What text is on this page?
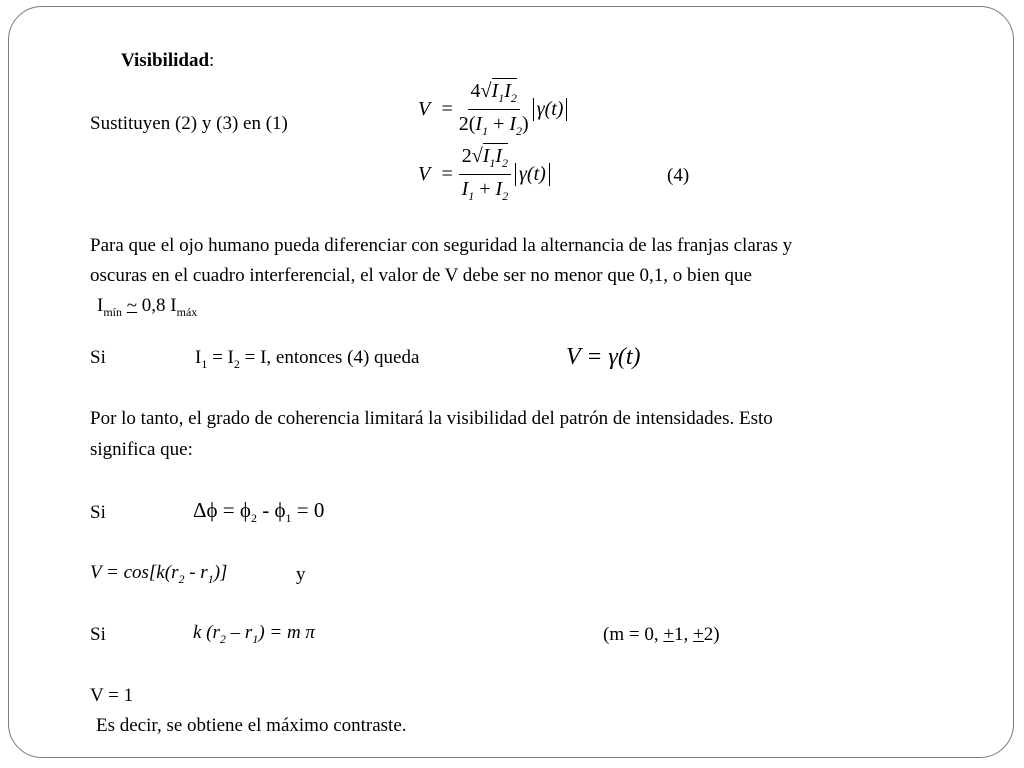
Visibilidad:
Sustituyen (2) y (3) en (1)
$V = \frac{4√I_1I_2}{2(I_1 + I_2)} \gamma(t)$
$V = \frac{2√I_1I_2}{I_1 + I_2} \gamma(t)$	(4)
Para que el ojo humano pueda diferenciar con seguridad la alternancia de las franjas claras y
oscuras en el cuadro interferencial, el valor de V debe ser no menor que 0,1, o bien que
$I_{mín}$ ~ 0,8 $I_{máx}$
Si	$I_1 = I_2 = I$, entonces (4) queda	V = γ(t)
Por lo tanto, el grado de coherencia limitará la visibilidad del patrón de intensidades. Esto
significa que:
Si	$\Delta\phi = \phi_2 - \phi_1 = 0$
$V = \cos[k(r_2 - r_1)]$	y
Si	k $(r_2 - r_1) = m$ π	(m = 0, +1, +2)
V = 1
Es decir, se obtiene el máximo contraste.
